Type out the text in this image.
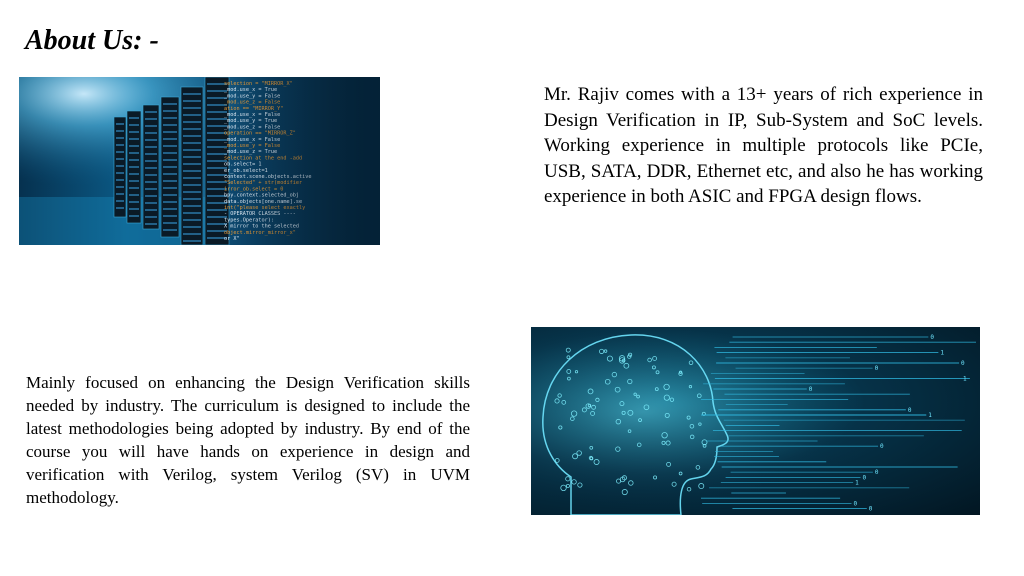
About Us: -

Mr. Rajiv comes with a 13+ years of rich experience in Design Verification in IP, Sub-System and SoC levels. Working experience in multiple protocols like PCIe, USB, SATA, DDR, Ethernet etc, and also he has working experience in both ASIC and FPGA design flows.

0
1
0
0
1
0
0
1
0
0
0
1
0
0

Mainly focused on enhancing the Design Verification skills needed by industry. The curriculum is designed to include the latest methodologies being adopted by industry. By end of the course you will have hands on experience in design and verification with Verilog, system Verilog (SV) in UVM methodology.
